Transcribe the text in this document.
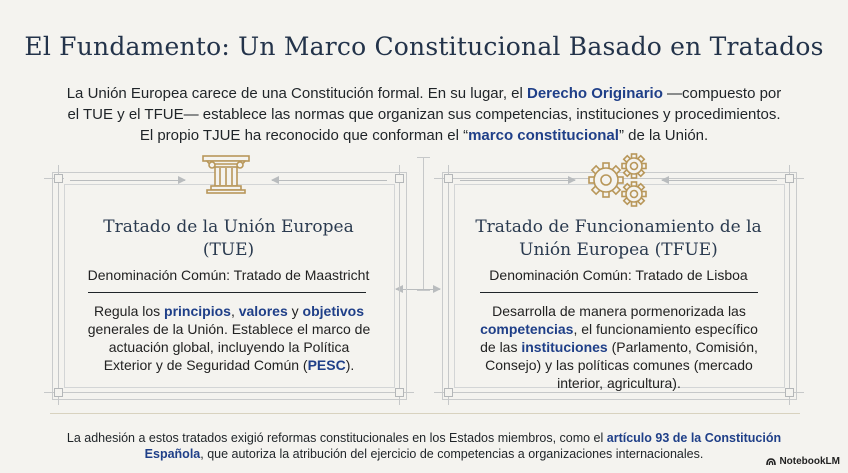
El Fundamento: Un Marco Constitucional Basado en Tratados
La Unión Europea carece de una Constitución formal. En su lugar, el Derecho Originario —compuesto por el TUE y el TFUE— establece las normas que organizan sus competencias, instituciones y procedimientos. El propio TJUE ha reconocido que conforman el “marco constitucional” de la Unión.
Tratado de la Unión Europea
(TUE)
Denominación Común: Tratado de Maastricht
Regula los principios, valores y objetivos generales de la Unión. Establece el marco de actuación global, incluyendo la Política Exterior y de Seguridad Común (PESC).
Tratado de Funcionamiento de la
Unión Europea (TFUE)
Denominación Común: Tratado de Lisboa
Desarrolla de manera pormenorizada las competencias, el funcionamiento específico de las instituciones (Parlamento, Comisión, Consejo) y las políticas comunes (mercado interior, agricultura).
La adhesión a estos tratados exigió reformas constitucionales en los Estados miembros, como el artículo 93 de la Constitución Española, que autoriza la atribución del ejercicio de competencias a organizaciones internacionales.
NotebookLM
